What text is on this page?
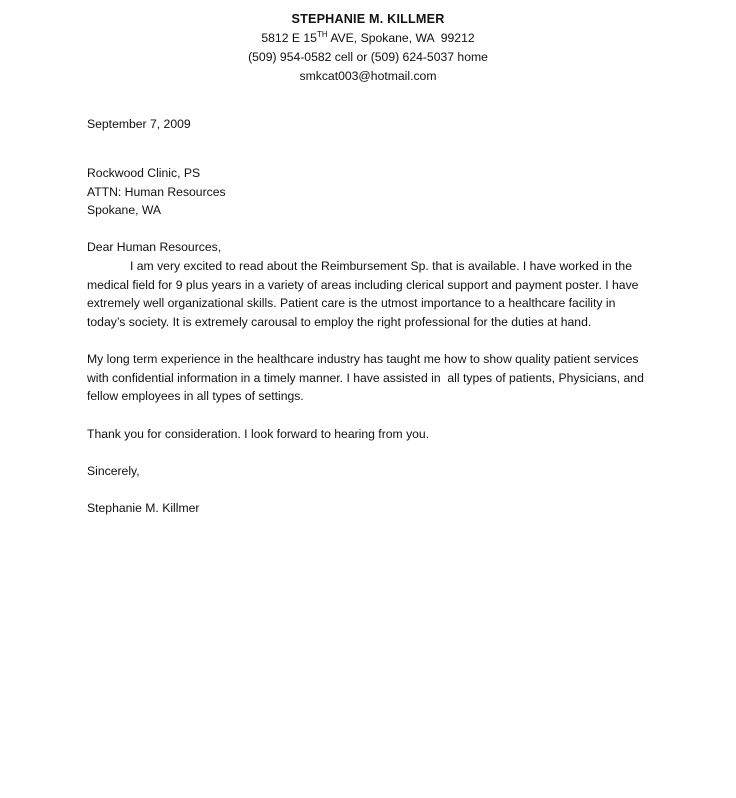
STEPHANIE M. KILLMER
5812 E 15TH AVE, Spokane, WA  99212
(509) 954-0582 cell or (509) 624-5037 home
smkcat003@hotmail.com
September 7, 2009
Rockwood Clinic, PS
ATTN: Human Resources
Spokane, WA
Dear Human Resources,
I am very excited to read about the Reimbursement Sp. that is available. I have worked in the
medical field for 9 plus years in a variety of areas including clerical support and payment poster. I have
extremely well organizational skills. Patient care is the utmost importance to a healthcare facility in
today’s society. It is extremely carousal to employ the right professional for the duties at hand.
My long term experience in the healthcare industry has taught me how to show quality patient services
with confidential information in a timely manner. I have assisted in  all types of patients, Physicians, and
fellow employees in all types of settings.
Thank you for consideration. I look forward to hearing from you.
Sincerely,
Stephanie M. Killmer
